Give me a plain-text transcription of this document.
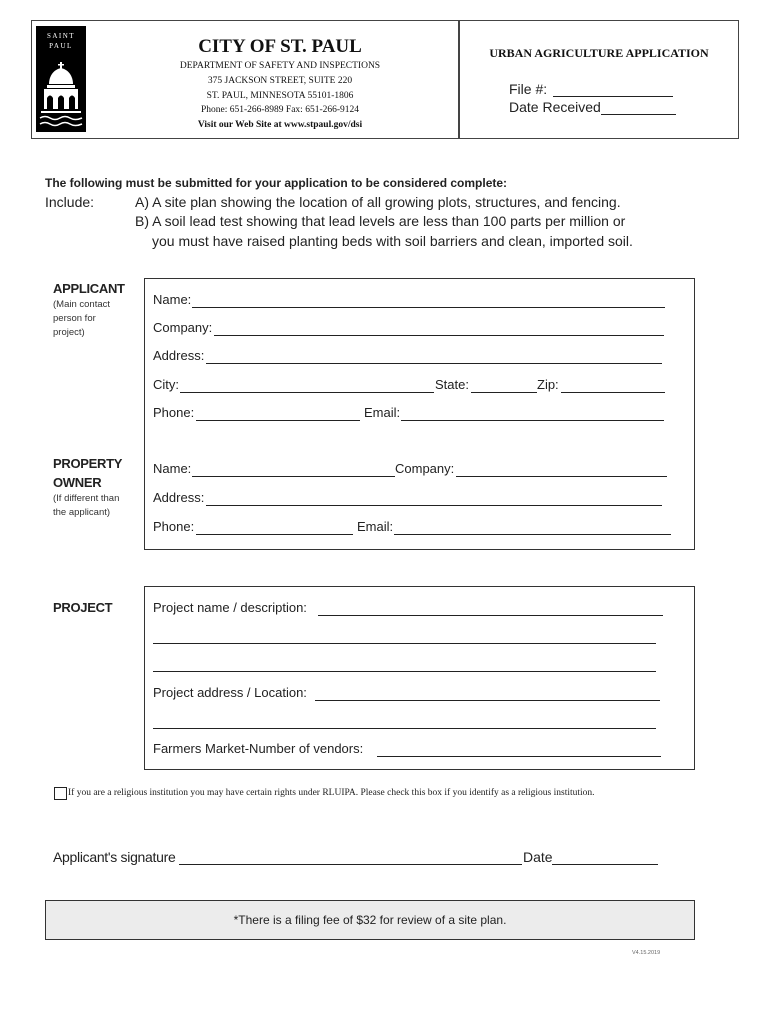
SAINT
PAUL	CITY OF ST. PAUL
DEPARTMENT OF SAFETY AND INSPECTIONS
375 JACKSON STREET, SUITE 220
ST. PAUL, MINNESOTA 55101-1806
Phone: 651-266-8989 Fax: 651-266-9124
Visit our Web Site at www.stpaul.gov/dsi
URBAN AGRICULTURE APPLICATION
File #:
Date Received
The following must be submitted for your application to be considered complete:
Include:	A) A site plan showing the location of all growing plots, structures, and fencing.
B) A soil lead test showing that lead levels are less than 100 parts per million or
you must have raised planting beds with soil barriers and clean, imported soil.
APPLICANT
(Main contact
person for
project)
Name:
Company:
Address:
City:	State:	Zip:
Phone:	Email:
PROPERTY
OWNER
(If different than
the applicant)
Name:	Company:
Address:
Phone:	Email:
PROJECT	Project name / description:
Project address / Location:
Farmers Market-Number of vendors:
If you are a religious institution you may have certain rights under RLUIPA. Please check this box if you identify as a religious institution.
Applicant's signature	Date
*There is a filing fee of $32 for review of a site plan.
V4.15.2019
